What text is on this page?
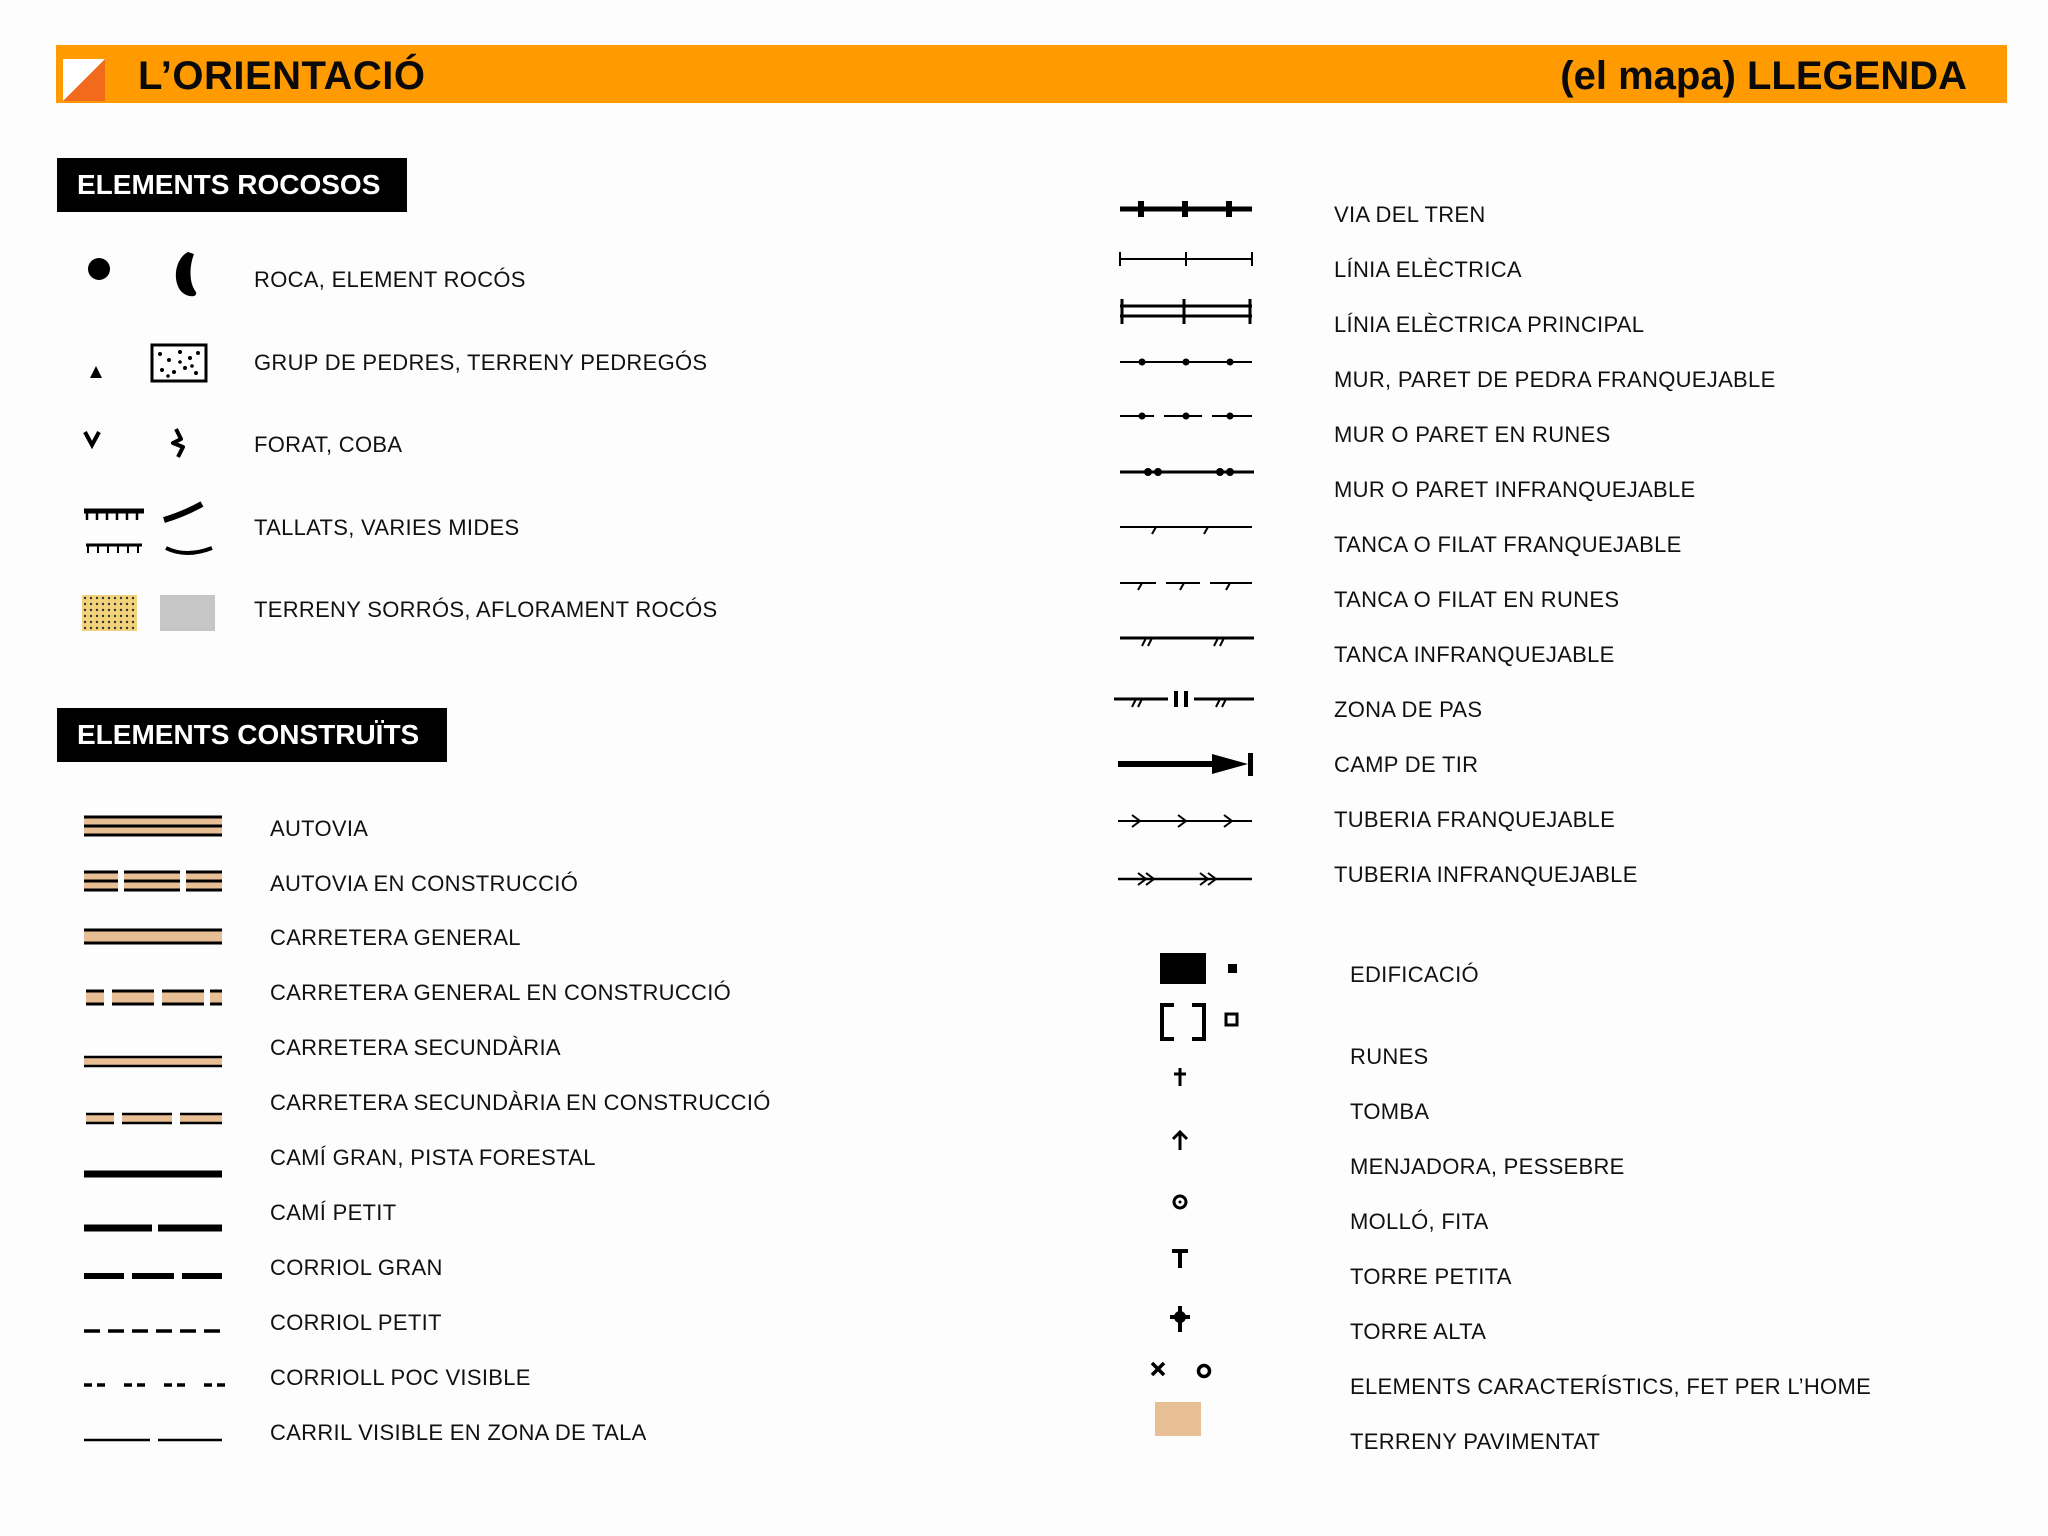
L’ORIENTACIÓ	(el mapa) LLEGENDA
ELEMENTS ROCOSOS
ROCA, ELEMENT ROCÓS
GRUP DE PEDRES, TERRENY PEDREGÓS
FORAT, COBA
TALLATS, VARIES MIDES
TERRENY SORRÓS, AFLORAMENT ROCÓS
ELEMENTS CONSTRUÏTS
AUTOVIA
AUTOVIA EN CONSTRUCCIÓ
CARRETERA GENERAL
CARRETERA GENERAL EN CONSTRUCCIÓ
CARRETERA SECUNDÀRIA
CARRETERA SECUNDÀRIA EN CONSTRUCCIÓ
CAMÍ GRAN, PISTA FORESTAL
CAMÍ PETIT
CORRIOL GRAN
CORRIOL PETIT
CORRIOLL POC VISIBLE
CARRIL VISIBLE EN ZONA DE TALA
VIA DEL TREN
LÍNIA ELÈCTRICA
LÍNIA ELÈCTRICA PRINCIPAL
MUR, PARET DE PEDRA FRANQUEJABLE
MUR O PARET EN RUNES
MUR O PARET INFRANQUEJABLE
TANCA O FILAT FRANQUEJABLE
TANCA O FILAT EN RUNES
TANCA INFRANQUEJABLE
ZONA DE PAS
CAMP DE TIR
TUBERIA FRANQUEJABLE
TUBERIA INFRANQUEJABLE
EDIFICACIÓ
RUNES
TOMBA
MENJADORA, PESSEBRE
MOLLÓ, FITA
TORRE PETITA
TORRE ALTA
ELEMENTS CARACTERÍSTICS, FET PER L’HOME
TERRENY PAVIMENTAT
